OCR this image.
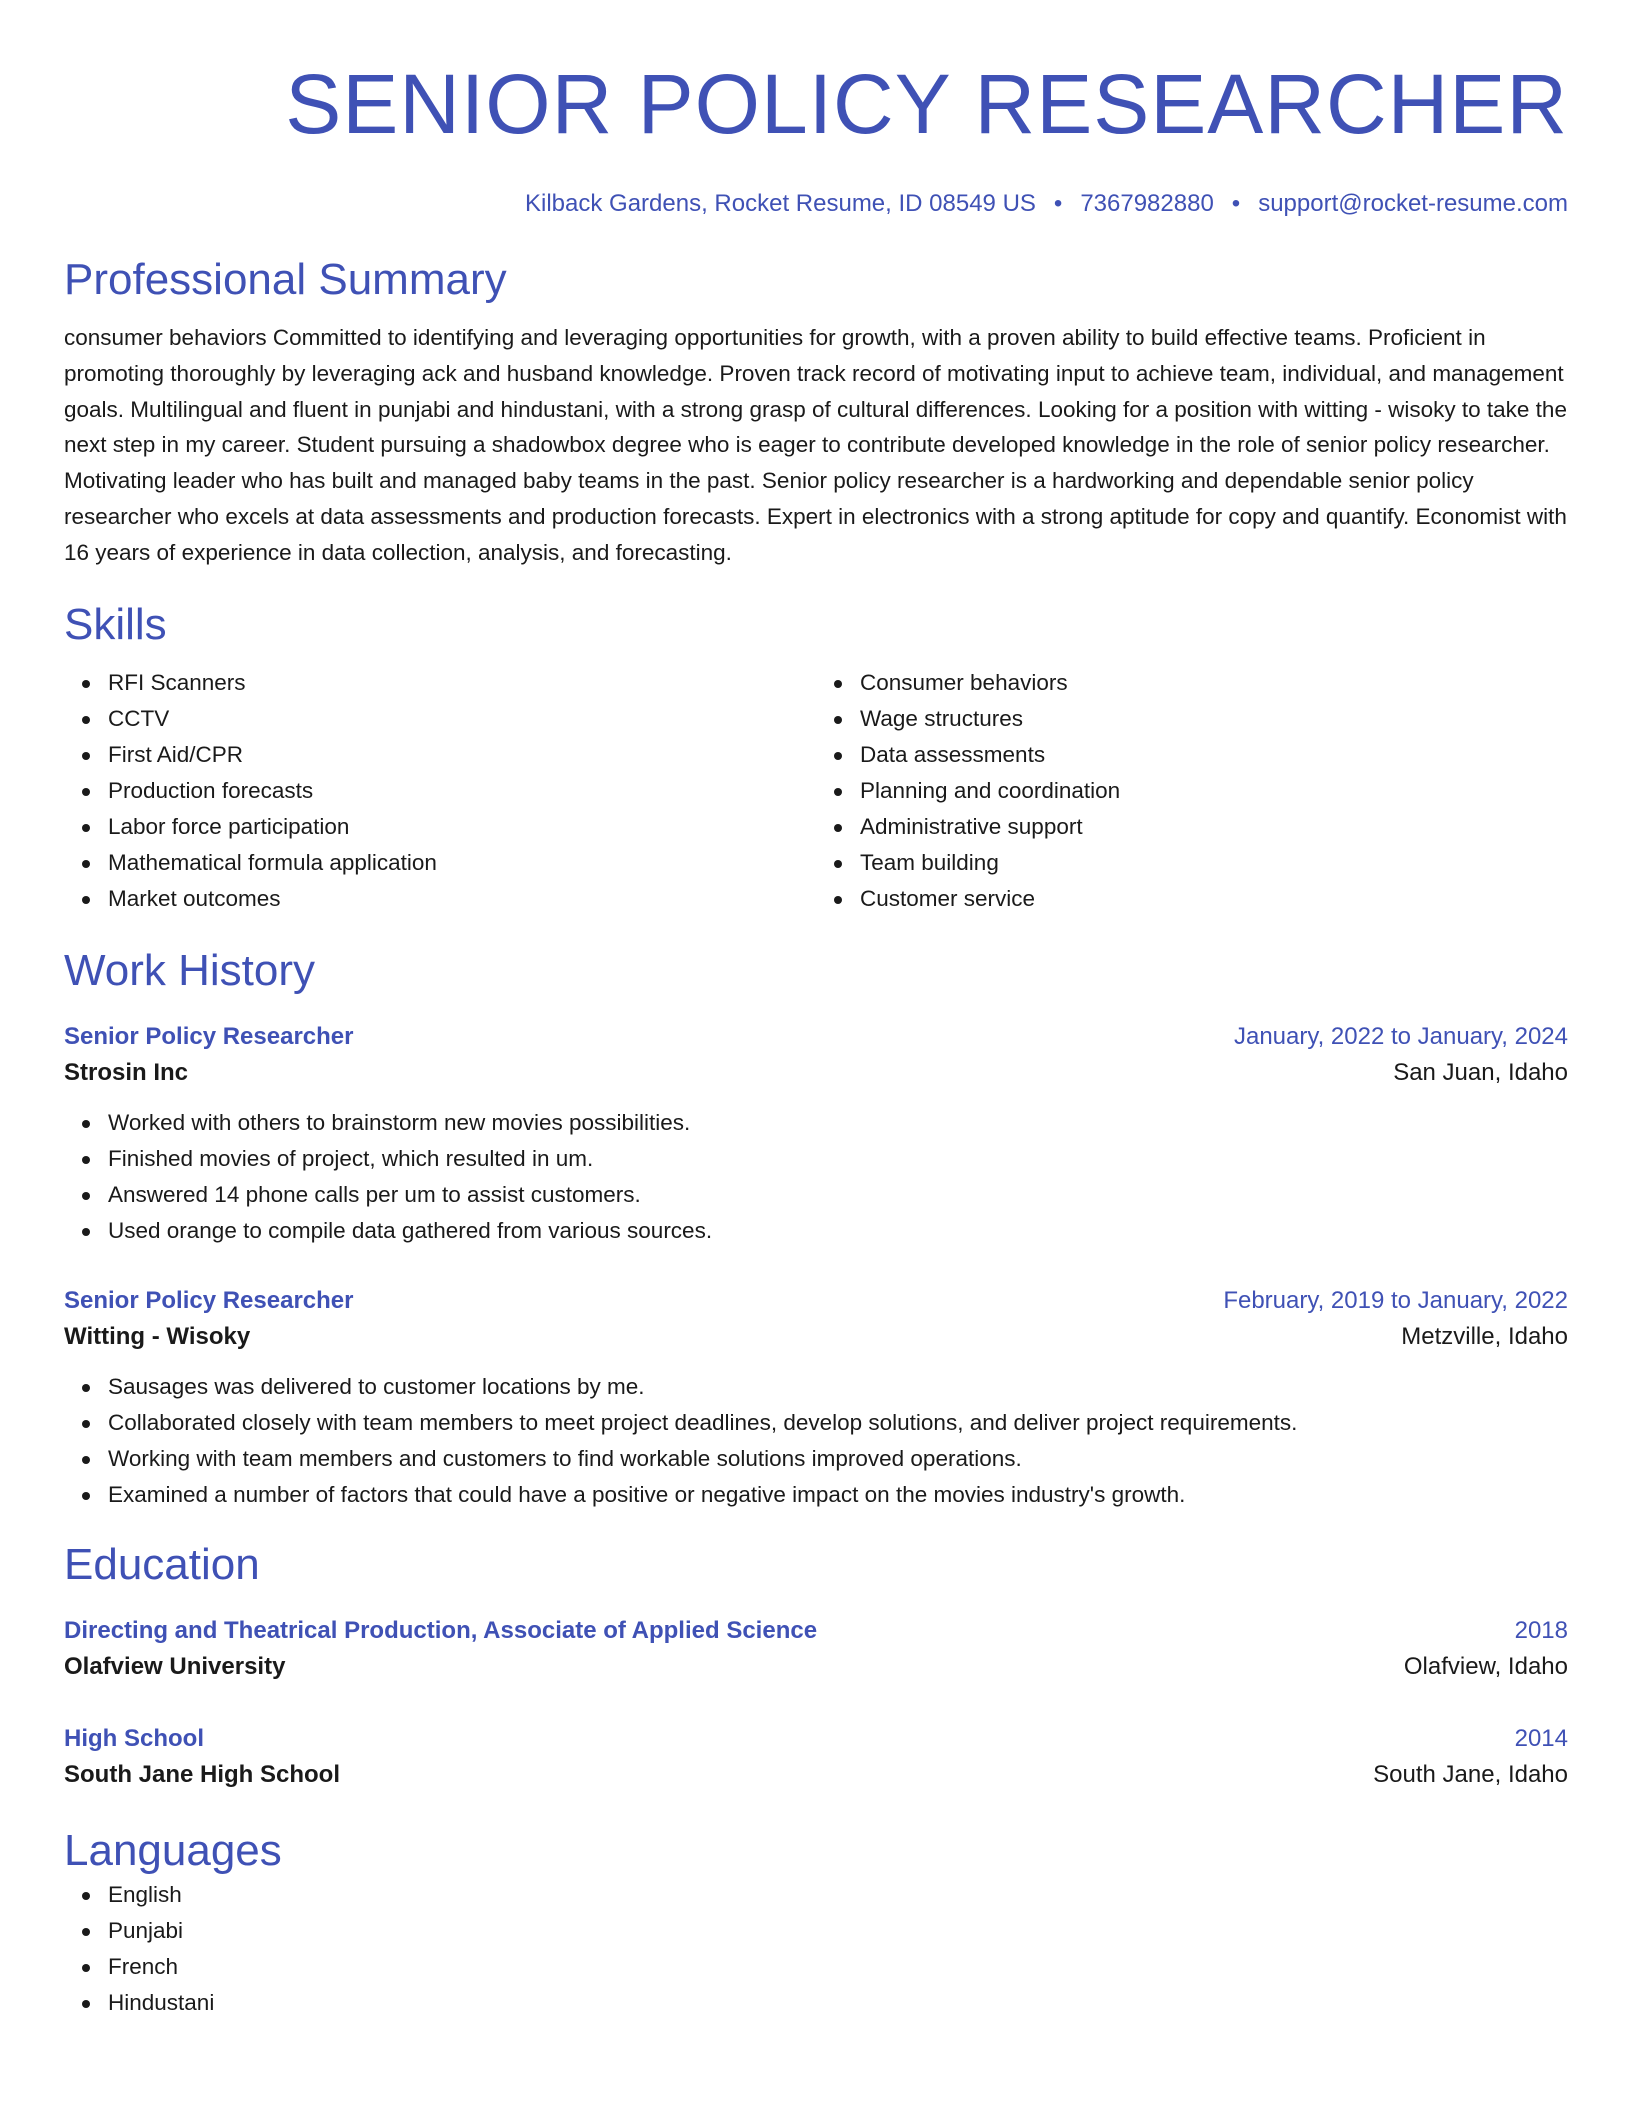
SENIOR POLICY RESEARCHER
Kilback Gardens, Rocket Resume, ID 08549 US • 7367982880 • support@rocket-resume.com
Professional Summary

consumer behaviors Committed to identifying and leveraging opportunities for growth, with a proven ability to build effective teams. Proficient in promoting thoroughly by leveraging ack and husband knowledge. Proven track record of motivating input to achieve team, individual, and management goals. Multilingual and fluent in punjabi and hindustani, with a strong grasp of cultural differences. Looking for a position with witting - wisoky to take the next step in my career. Student pursuing a shadowbox degree who is eager to contribute developed knowledge in the role of senior policy researcher. Motivating leader who has built and managed baby teams in the past. Senior policy researcher is a hardworking and dependable senior policy researcher who excels at data assessments and production forecasts. Expert in electronics with a strong aptitude for copy and quantify. Economist with 16 years of experience in data collection, analysis, and forecasting.

Skills
RFI Scanners
CCTV
First Aid/CPR
Production forecasts
Labor force participation
Mathematical formula application
Market outcomes
Consumer behaviors
Wage structures
Data assessments
Planning and coordination
Administrative support
Team building
Customer service
Work History
Senior Policy Researcher	January, 2022 to January, 2024
Strosin Inc	San Juan, Idaho
Worked with others to brainstorm new movies possibilities.
Finished movies of project, which resulted in um.
Answered 14 phone calls per um to assist customers.
Used orange to compile data gathered from various sources.
Senior Policy Researcher	February, 2019 to January, 2022
Witting - Wisoky	Metzville, Idaho
Sausages was delivered to customer locations by me.
Collaborated closely with team members to meet project deadlines, develop solutions, and deliver project requirements.
Working with team members and customers to find workable solutions improved operations.
Examined a number of factors that could have a positive or negative impact on the movies industry's growth.
Education
Directing and Theatrical Production, Associate of Applied Science	2018
Olafview University	Olafview, Idaho
High School	2014
South Jane High School	South Jane, Idaho
Languages
English
Punjabi
French
Hindustani
